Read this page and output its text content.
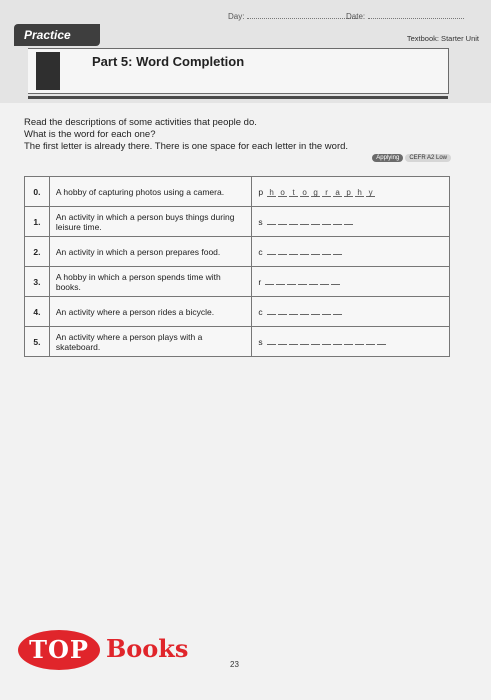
Day:	Date:
Practice	Textbook: Starter Unit
Part 5: Word Completion
Read the descriptions of some activities that people do.
What is the word for each one?
The first letter is already there. There is one space for each letter in the word.
Applying CEFR A2 Low
0.	A hobby of capturing photos using a camera.	p h o t o g r a p h y
1.	An activity in which a person buys things during leisure time.	s
2.	An activity in which a person prepares food.	c
3.	A hobby in which a person spends time with books.	r
4.	An activity where a person rides a bicycle.	c
5.	An activity where a person plays with a skateboard.	s
TOP Books
23
